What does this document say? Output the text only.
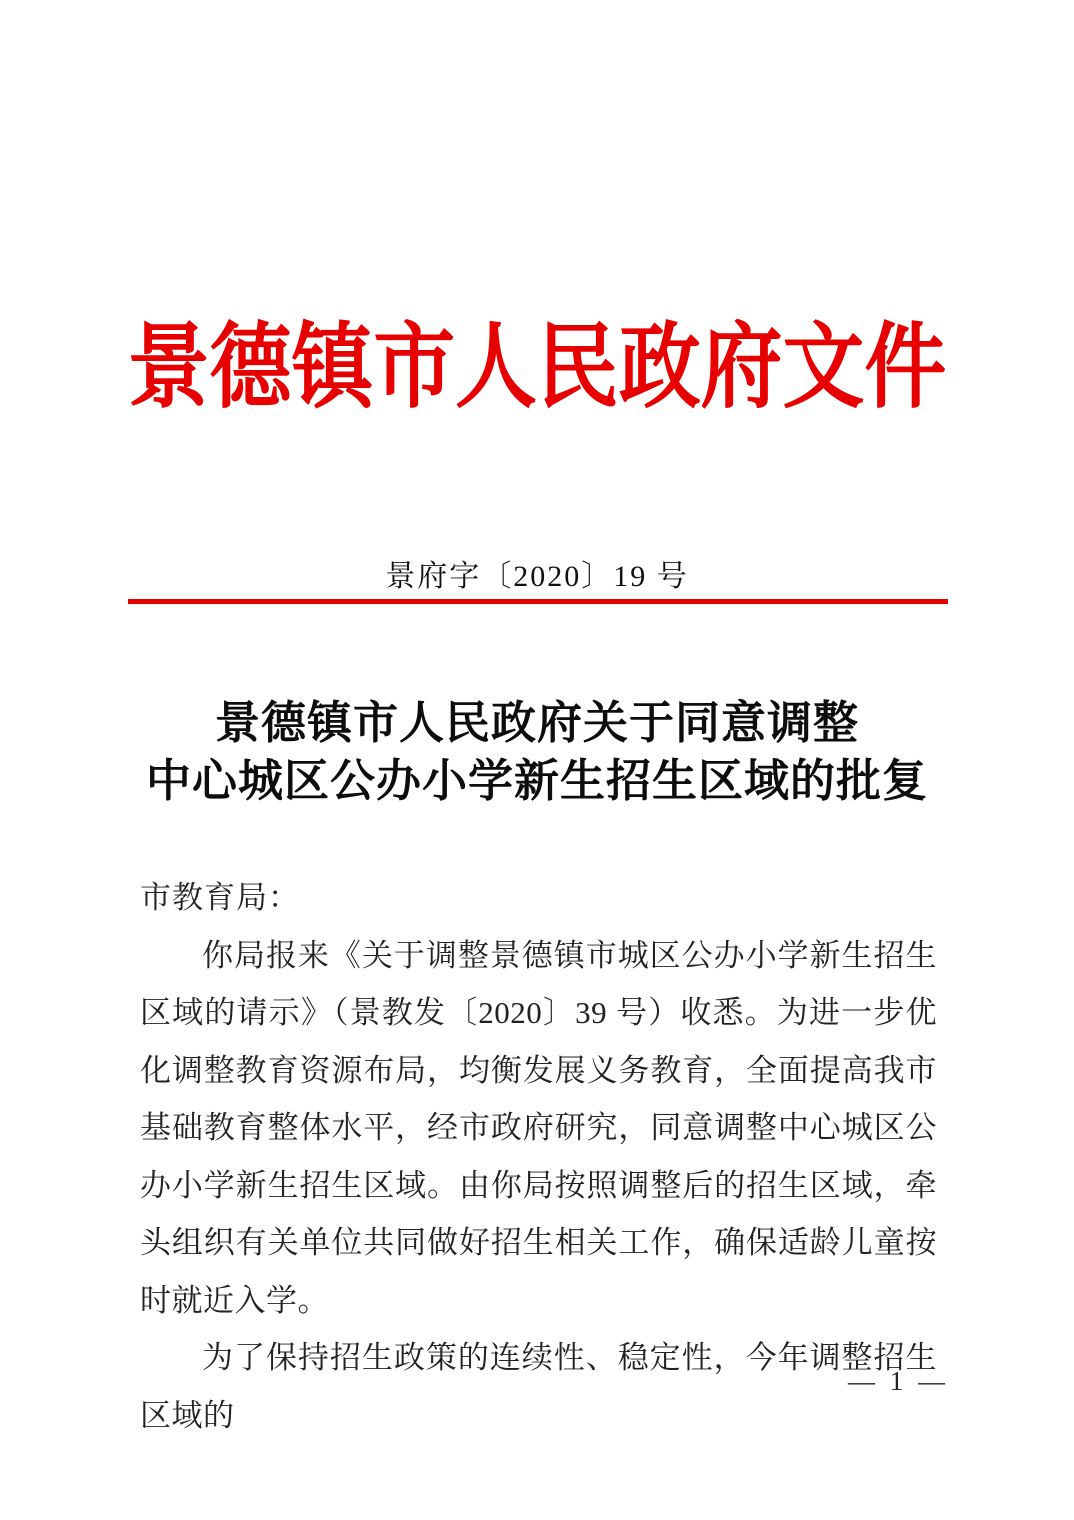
景德镇市人民政府文件
景府字〔2020〕19 号
景德镇市人民政府关于同意调整
中心城区公办小学新生招生区域的批复
市教育局：

你局报来《关于调整景德镇市城区公办小学新生招生区域的请示》（景教发〔2020〕39 号）收悉。为进一步优化调整教育资源布局，均衡发展义务教育，全面提高我市基础教育整体水平，经市政府研究，同意调整中心城区公办小学新生招生区域。由你局按照调整后的招生区域，牵头组织有关单位共同做好招生相关工作，确保适龄儿童按时就近入学。

为了保持招生政策的连续性、稳定性，今年调整招生区域的

— 1 —
